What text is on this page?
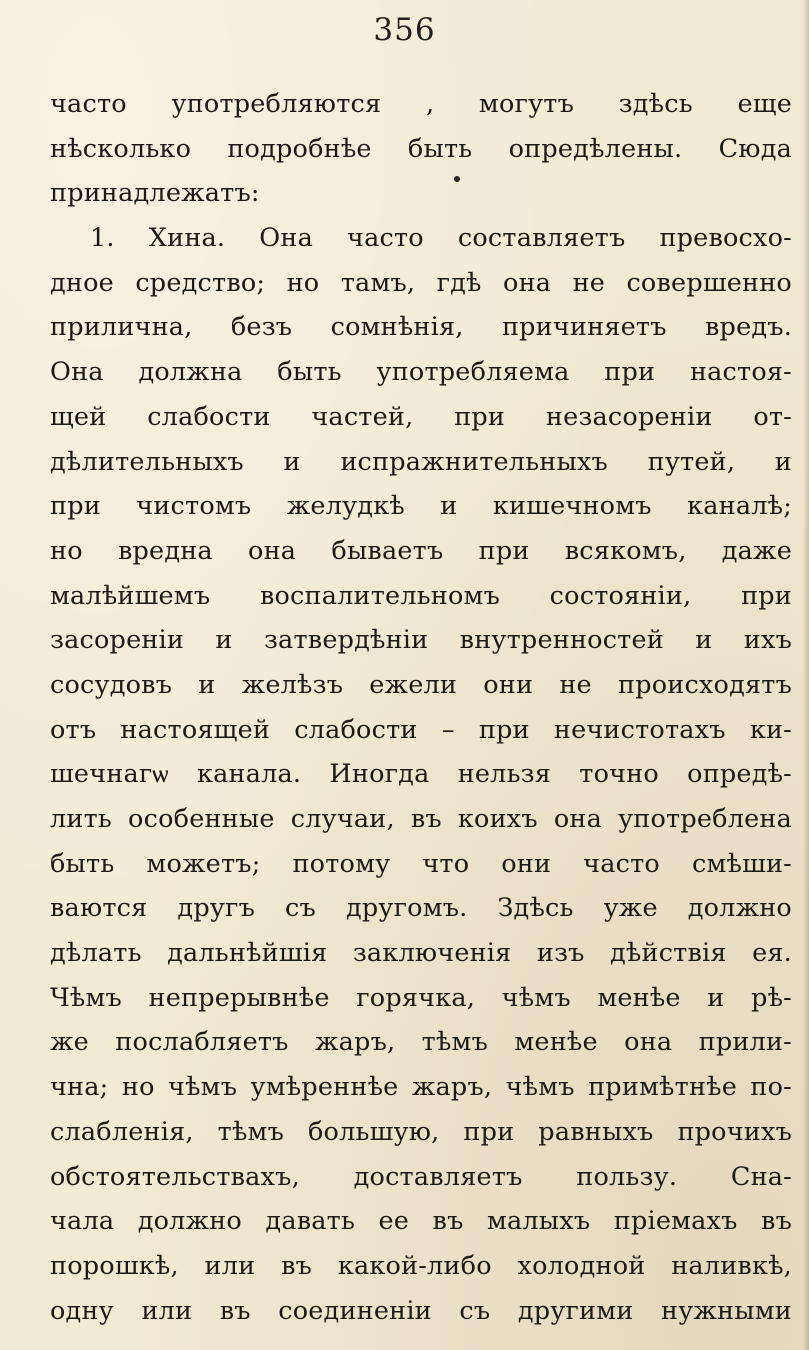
356
часто употребляются , могутъ здѣсь еще
нѣсколько подробнѣе быть опредѣлены. Сюда
принадлежатъ:
1. Хина. Она часто составляетъ превосхо-
дное средство; но тамъ, гдѣ она не совершенно
прилична, безъ сомнѣнія, причиняетъ вредъ.
Она должна быть употребляема при настоя-
щей слабости частей, при незасореніи от-
дѣлительныхъ и испражнительныхъ путей, и
при чистомъ желудкѣ и кишечномъ каналѣ;
но вредна она бываетъ при всякомъ, даже
малѣйшемъ воспалительномъ состояніи, при
засореніи и затвердѣніи внутренностей и ихъ
сосудовъ и желѣзъ ежели они не происходятъ
отъ настоящей слабости – при нечистотахъ ки-
шечнагѡ канала. Иногда нельзя точно опредѣ-
лить особенные случаи, въ коихъ она употреблена
быть можетъ; потому что они часто смѣши-
ваются другъ съ другомъ. Здѣсь уже должно
дѣлать дальнѣйшія заключенія изъ дѣйствія ея.
Чѣмъ непрерывнѣе горячка, чѣмъ менѣе и рѣ-
же послабляетъ жаръ, тѣмъ менѣе она прили-
чна; но чѣмъ умѣреннѣе жаръ, чѣмъ примѣтнѣе по-
слабленія, тѣмъ большую, при равныхъ прочихъ
обстоятельствахъ, доставляетъ пользу. Сна-
чала должно давать ее въ малыхъ пріемахъ въ
порошкѣ, или въ какой-либо холодной наливкѣ,
одну или въ соединеніи съ другими нужными
